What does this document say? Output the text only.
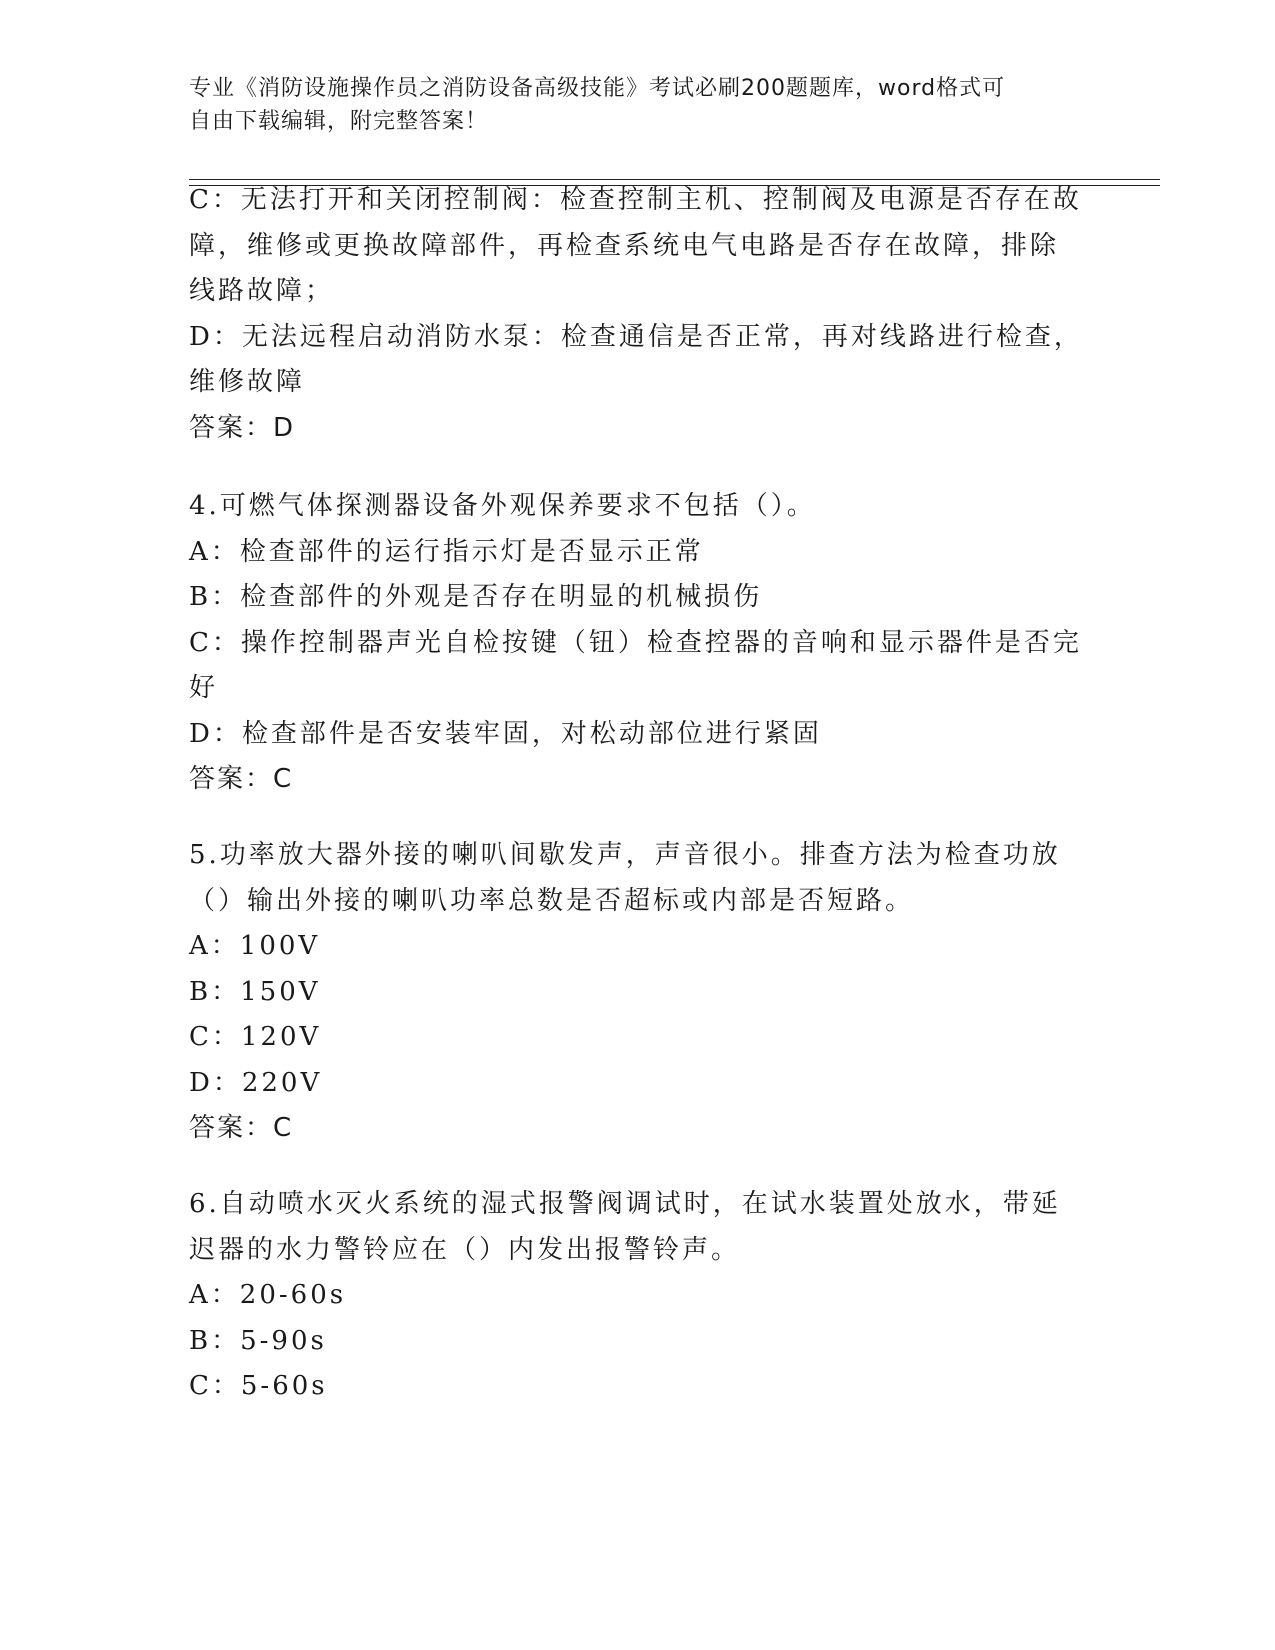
专业《消防设施操作员之消防设备高级技能》考试必刷200题题库，word格式可
自由下载编辑，附完整答案！
C：无法打开和关闭控制阀：检查控制主机、控制阀及电源是否存在故
障，维修或更换故障部件，再检查系统电气电路是否存在故障，排除
线路故障；
D：无法远程启动消防水泵：检查通信是否正常，再对线路进行检查，
维修故障
答案：D
4.可燃气体探测器设备外观保养要求不包括（）。
A：检查部件的运行指示灯是否显示正常
B：检查部件的外观是否存在明显的机械损伤
C：操作控制器声光自检按键（钮）检查控器的音响和显示器件是否完
好
D：检查部件是否安装牢固，对松动部位进行紧固
答案：C
5.功率放大器外接的喇叭间歇发声，声音很小。排查方法为检查功放
（）输出外接的喇叭功率总数是否超标或内部是否短路。
A：100V
B：150V
C：120V
D：220V
答案：C
6.自动喷水灭火系统的湿式报警阀调试时，在试水装置处放水，带延
迟器的水力警铃应在（）内发出报警铃声。
A：20-60s
B：5-90s
C：5-60s
